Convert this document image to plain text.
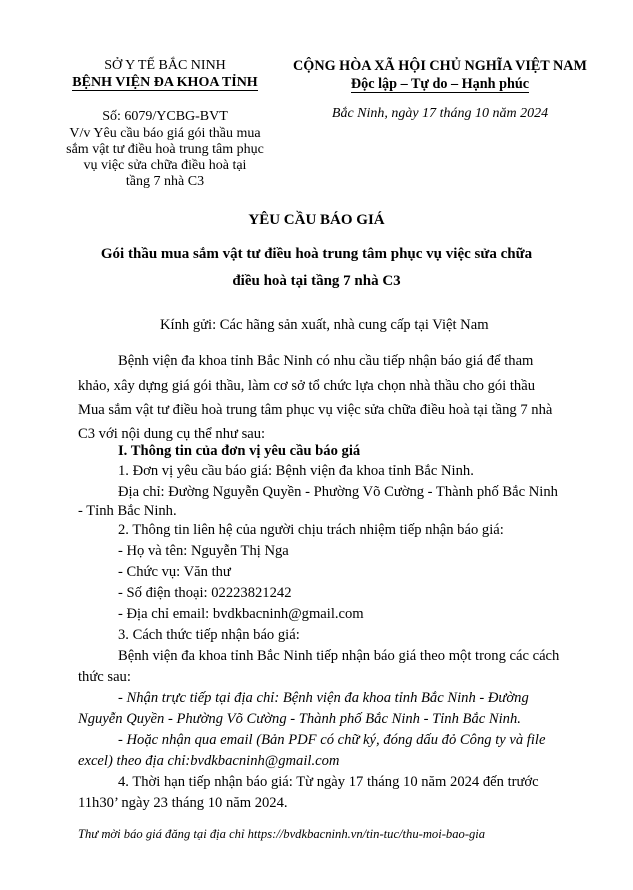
SỞ Y TẾ BẮC NINH
BỆNH VIỆN ĐA KHOA TỈNH
Số: 6079/YCBG-BVT
V/v Yêu cầu báo giá gói thầu mua
sắm vật tư điều hoà trung tâm phục
vụ việc sửa chữa điều hoà tại
tầng 7 nhà C3
CỘNG HÒA XÃ HỘI CHỦ NGHĨA VIỆT NAM
Độc lập – Tự do – Hạnh phúc
Bắc Ninh, ngày 17 tháng 10 năm 2024
YÊU CẦU BÁO GIÁ
Gói thầu mua sắm vật tư điều hoà trung tâm phục vụ việc sửa chữa
điều hoà tại tầng 7 nhà C3
Kính gửi: Các hãng sản xuất, nhà cung cấp tại Việt Nam
Bệnh viện đa khoa tỉnh Bắc Ninh có nhu cầu tiếp nhận báo giá để tham
khảo, xây dựng giá gói thầu, làm cơ sở tổ chức lựa chọn nhà thầu cho gói thầu
Mua sắm vật tư điều hoà trung tâm phục vụ việc sửa chữa điều hoà tại tầng 7 nhà
C3 với nội dung cụ thể như sau:
I. Thông tin của đơn vị yêu cầu báo giá
1. Đơn vị yêu cầu báo giá: Bệnh viện đa khoa tỉnh Bắc Ninh.
Địa chỉ: Đường Nguyễn Quyền - Phường Võ Cường - Thành phố Bắc Ninh
- Tỉnh Bắc Ninh.
2. Thông tin liên hệ của người chịu trách nhiệm tiếp nhận báo giá:
- Họ và tên: Nguyễn Thị Nga
- Chức vụ: Văn thư
- Số điện thoại: 02223821242
- Địa chỉ email: bvdkbacninh@gmail.com
3. Cách thức tiếp nhận báo giá:
Bệnh viện đa khoa tỉnh Bắc Ninh tiếp nhận báo giá theo một trong các cách
thức sau:
- Nhận trực tiếp tại địa chỉ: Bệnh viện đa khoa tỉnh Bắc Ninh - Đường
Nguyễn Quyền - Phường Võ Cường - Thành phố Bắc Ninh - Tỉnh Bắc Ninh.
- Hoặc nhận qua email (Bản PDF có chữ ký, đóng dấu đỏ Công ty và file
excel) theo địa chỉ:bvdkbacninh@gmail.com
4. Thời hạn tiếp nhận báo giá: Từ ngày 17 tháng 10 năm 2024 đến trước
11h30’ ngày 23 tháng 10 năm 2024.
Thư mời báo giá đăng tại địa chỉ https://bvdkbacninh.vn/tin-tuc/thu-moi-bao-gia
